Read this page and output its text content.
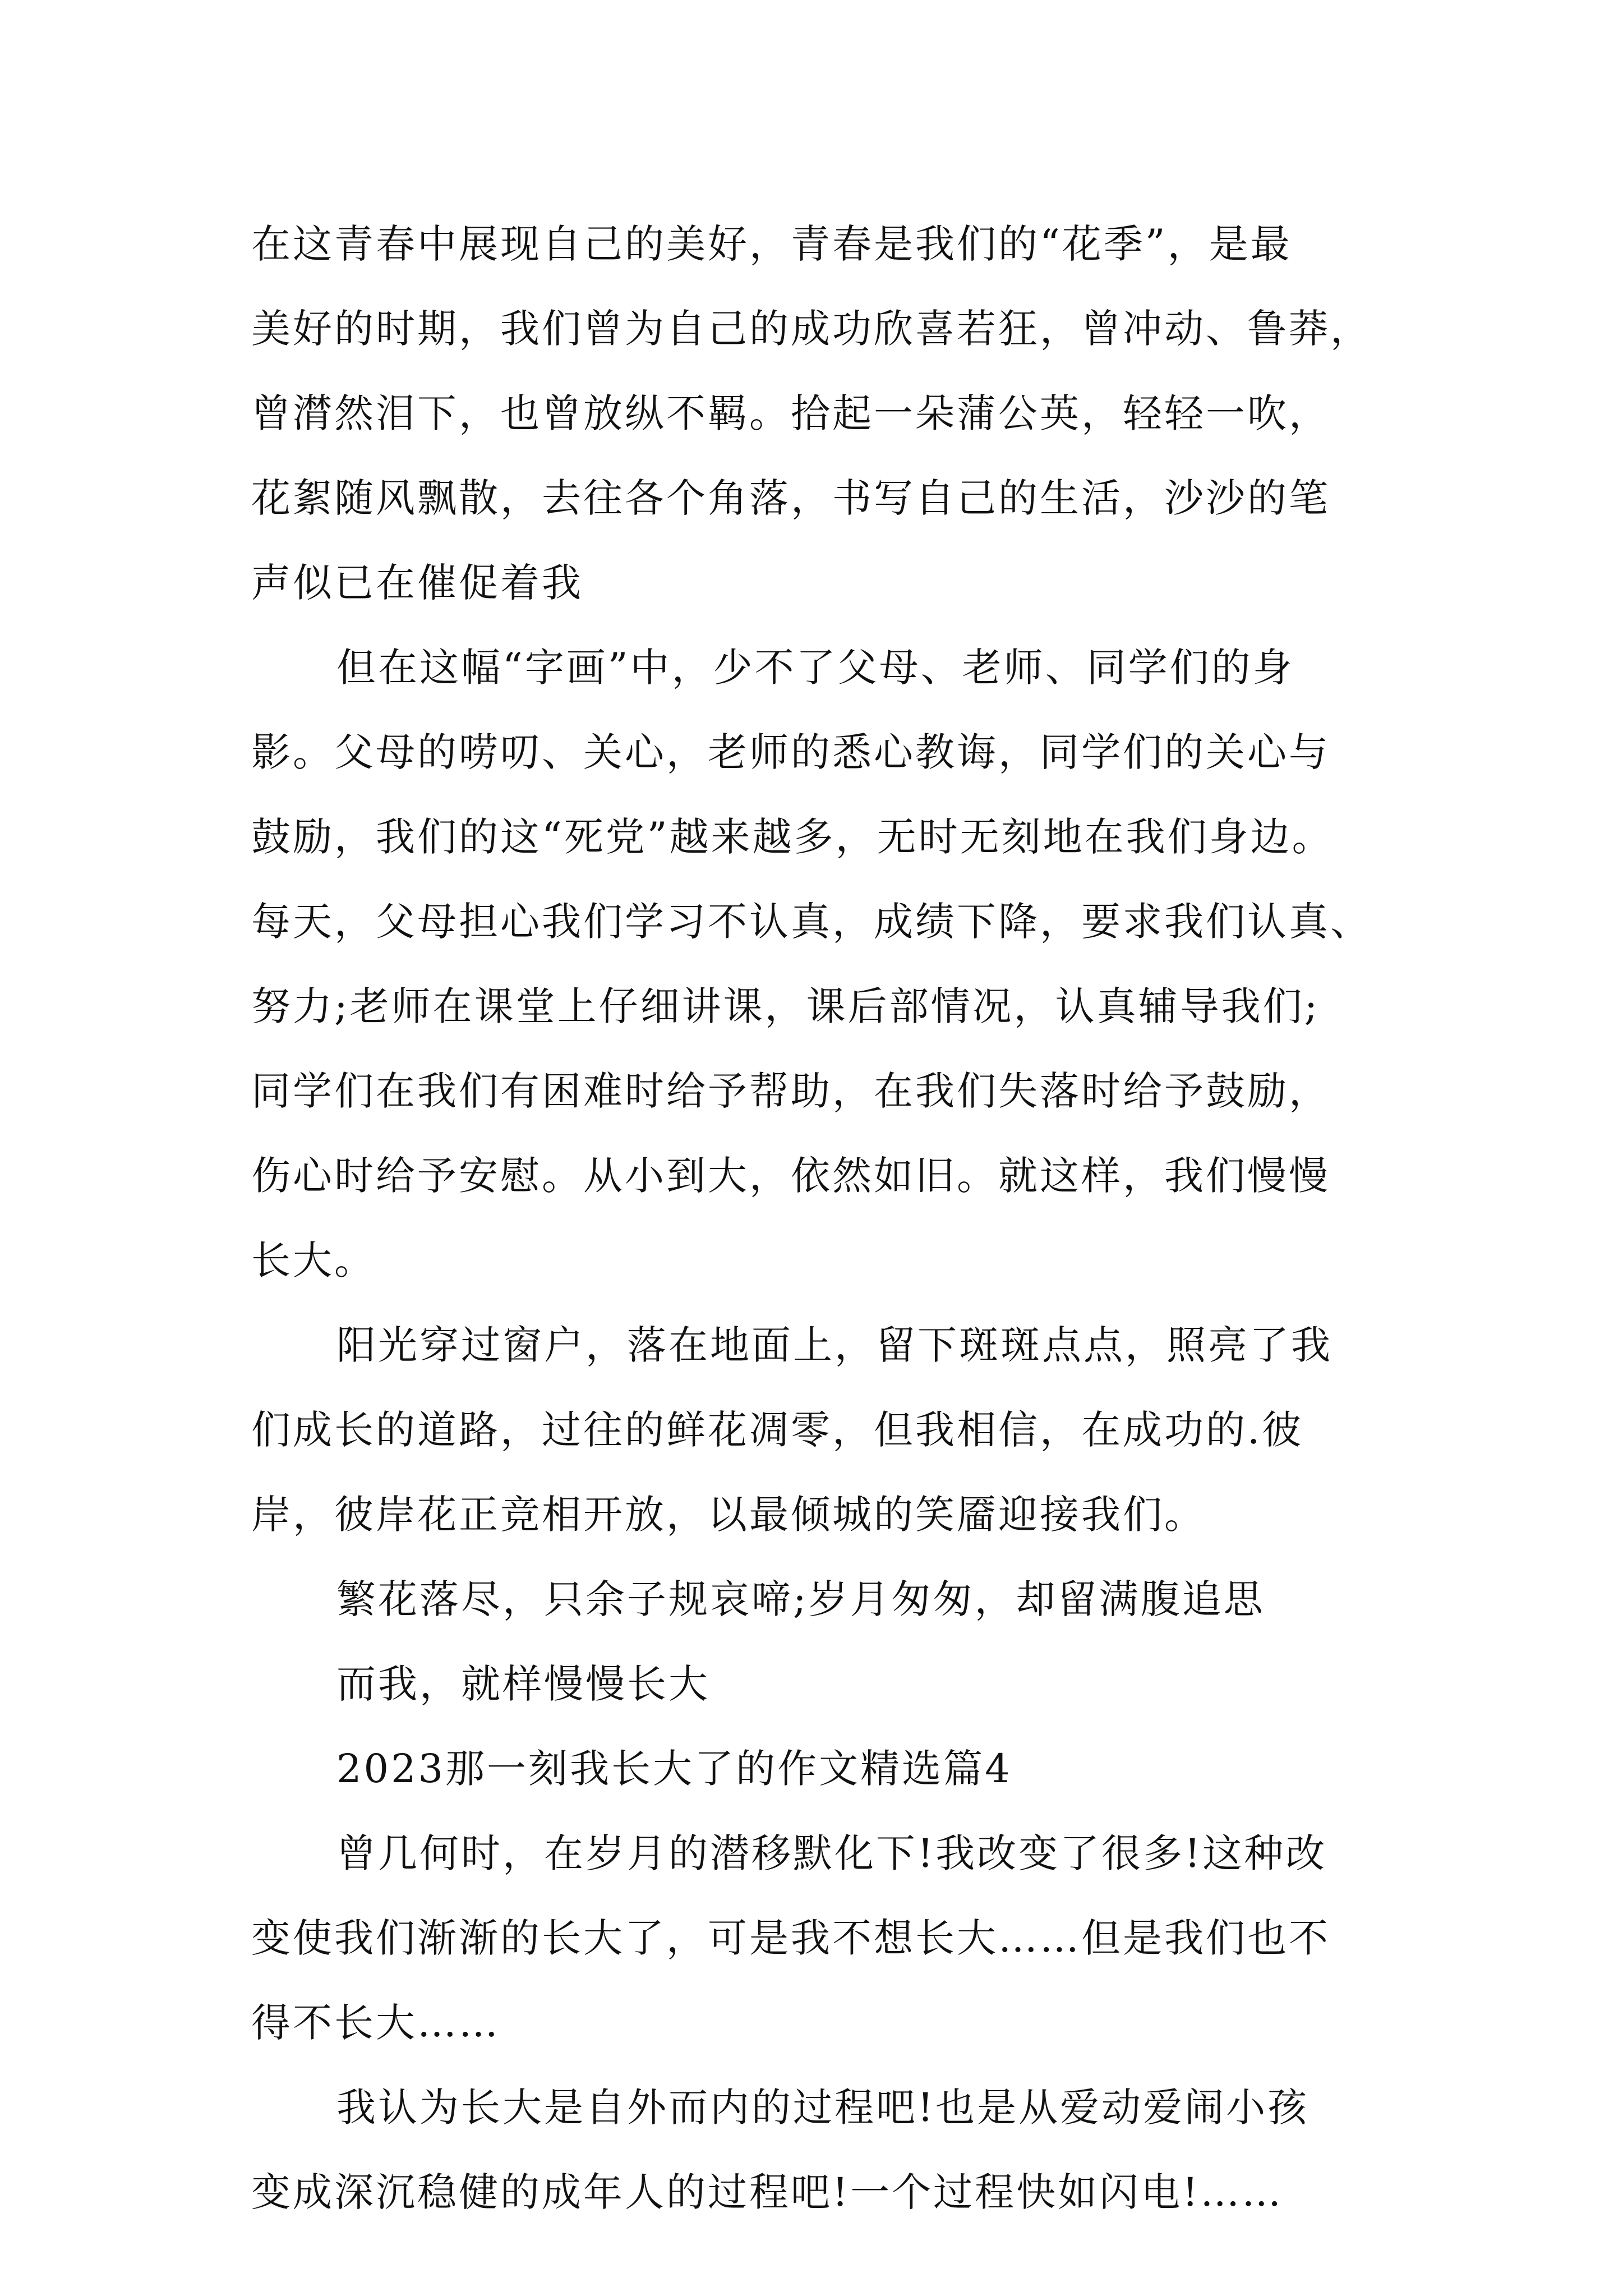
在这青春中展现自己的美好，青春是我们的“花季”，是最
美好的时期，我们曾为自己的成功欣喜若狂，曾冲动、鲁莽，
曾潸然泪下，也曾放纵不羁。拾起一朵蒲公英，轻轻一吹，
花絮随风飘散，去往各个角落，书写自己的生活，沙沙的笔
声似已在催促着我
但在这幅“字画”中，少不了父母、老师、同学们的身
影。父母的唠叨、关心，老师的悉心教诲，同学们的关心与
鼓励，我们的这“死党”越来越多，无时无刻地在我们身边。
每天，父母担心我们学习不认真，成绩下降，要求我们认真、
努力;老师在课堂上仔细讲课，课后部情况，认真辅导我们;
同学们在我们有困难时给予帮助，在我们失落时给予鼓励，
伤心时给予安慰。从小到大，依然如旧。就这样，我们慢慢
长大。
阳光穿过窗户，落在地面上，留下斑斑点点，照亮了我
们成长的道路，过往的鲜花凋零，但我相信，在成功的.彼
岸，彼岸花正竞相开放，以最倾城的笑靥迎接我们。
繁花落尽，只余子规哀啼;岁月匆匆，却留满腹追思
而我，就样慢慢长大
2023那一刻我长大了的作文精选篇4
曾几何时，在岁月的潜移默化下!我改变了很多!这种改
变使我们渐渐的长大了，可是我不想长大……但是我们也不
得不长大……
我认为长大是自外而内的过程吧!也是从爱动爱闹小孩
变成深沉稳健的成年人的过程吧!一个过程快如闪电!……
